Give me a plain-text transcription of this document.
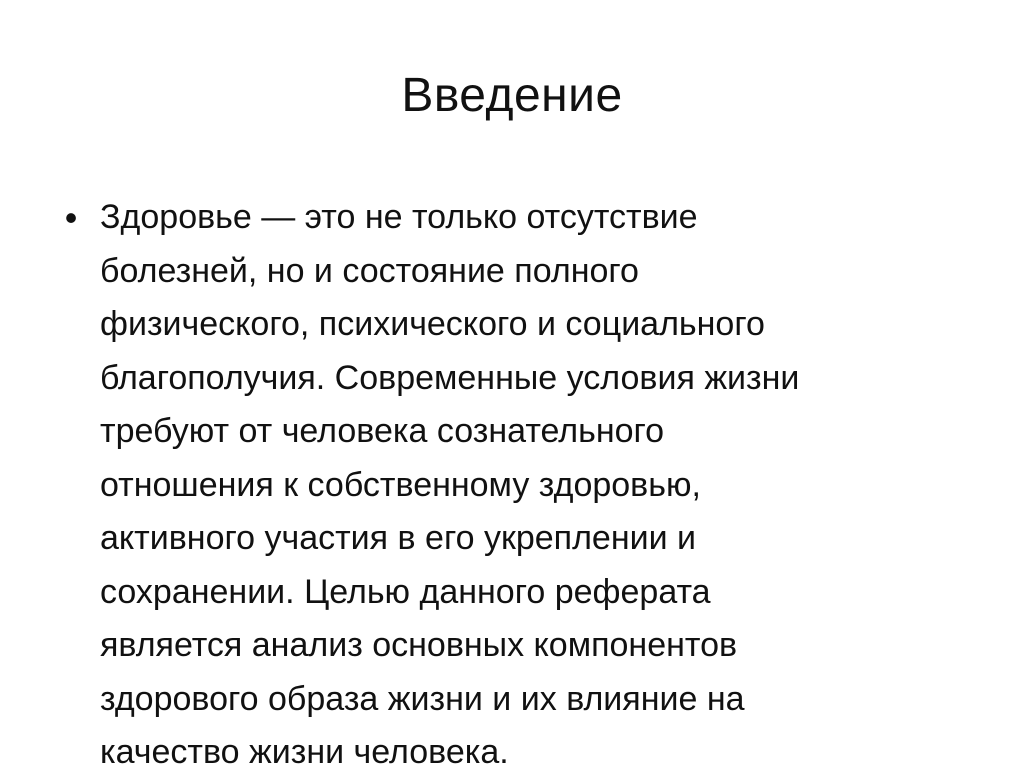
Введение
• Здоровье — это не только отсутствие
болезней, но и состояние полного
физического, психического и социального
благополучия. Современные условия жизни
требуют от человека сознательного
отношения к собственному здоровью,
активного участия в его укреплении и
сохранении. Целью данного реферата
является анализ основных компонентов
здорового образа жизни и их влияние на
качество жизни человека.
